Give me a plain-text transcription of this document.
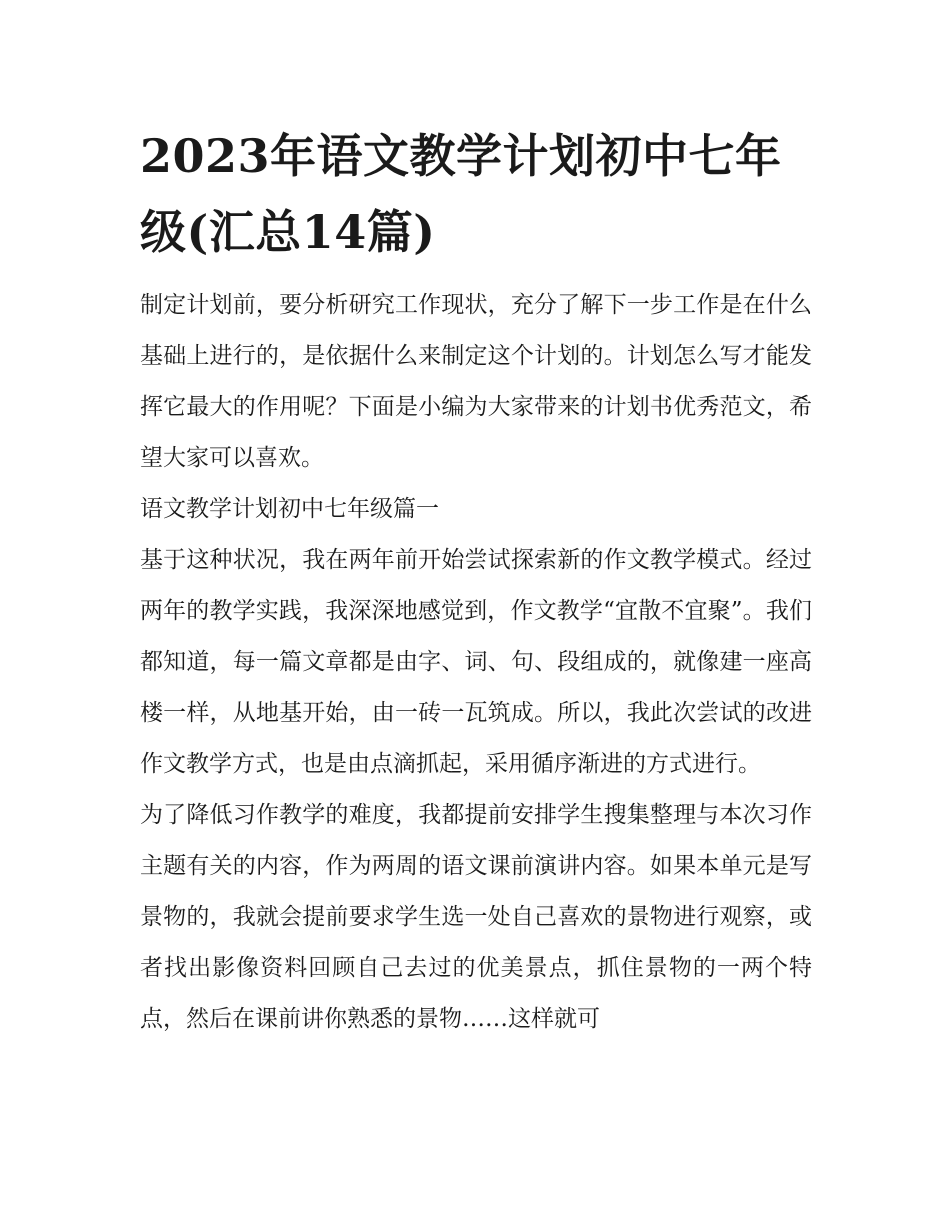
2023年语文教学计划初中七年级(汇总14篇)

制定计划前，要分析研究工作现状，充分了解下一步工作是在什么基础上进行的，是依据什么来制定这个计划的。计划怎么写才能发挥它最大的作用呢？下面是小编为大家带来的计划书优秀范文，希望大家可以喜欢。

语文教学计划初中七年级篇一

基于这种状况，我在两年前开始尝试探索新的作文教学模式。经过两年的教学实践，我深深地感觉到，作文教学“宜散不宜聚”。我们都知道，每一篇文章都是由字、词、句、段组成的，就像建一座高楼一样，从地基开始，由一砖一瓦筑成。所以，我此次尝试的改进作文教学方式，也是由点滴抓起，采用循序渐进的方式进行。

为了降低习作教学的难度，我都提前安排学生搜集整理与本次习作主题有关的内容，作为两周的语文课前演讲内容。如果本单元是写景物的，我就会提前要求学生选一处自己喜欢的景物进行观察，或者找出影像资料回顾自己去过的优美景点，抓住景物的一两个特点，然后在课前讲你熟悉的景物……这样就可
